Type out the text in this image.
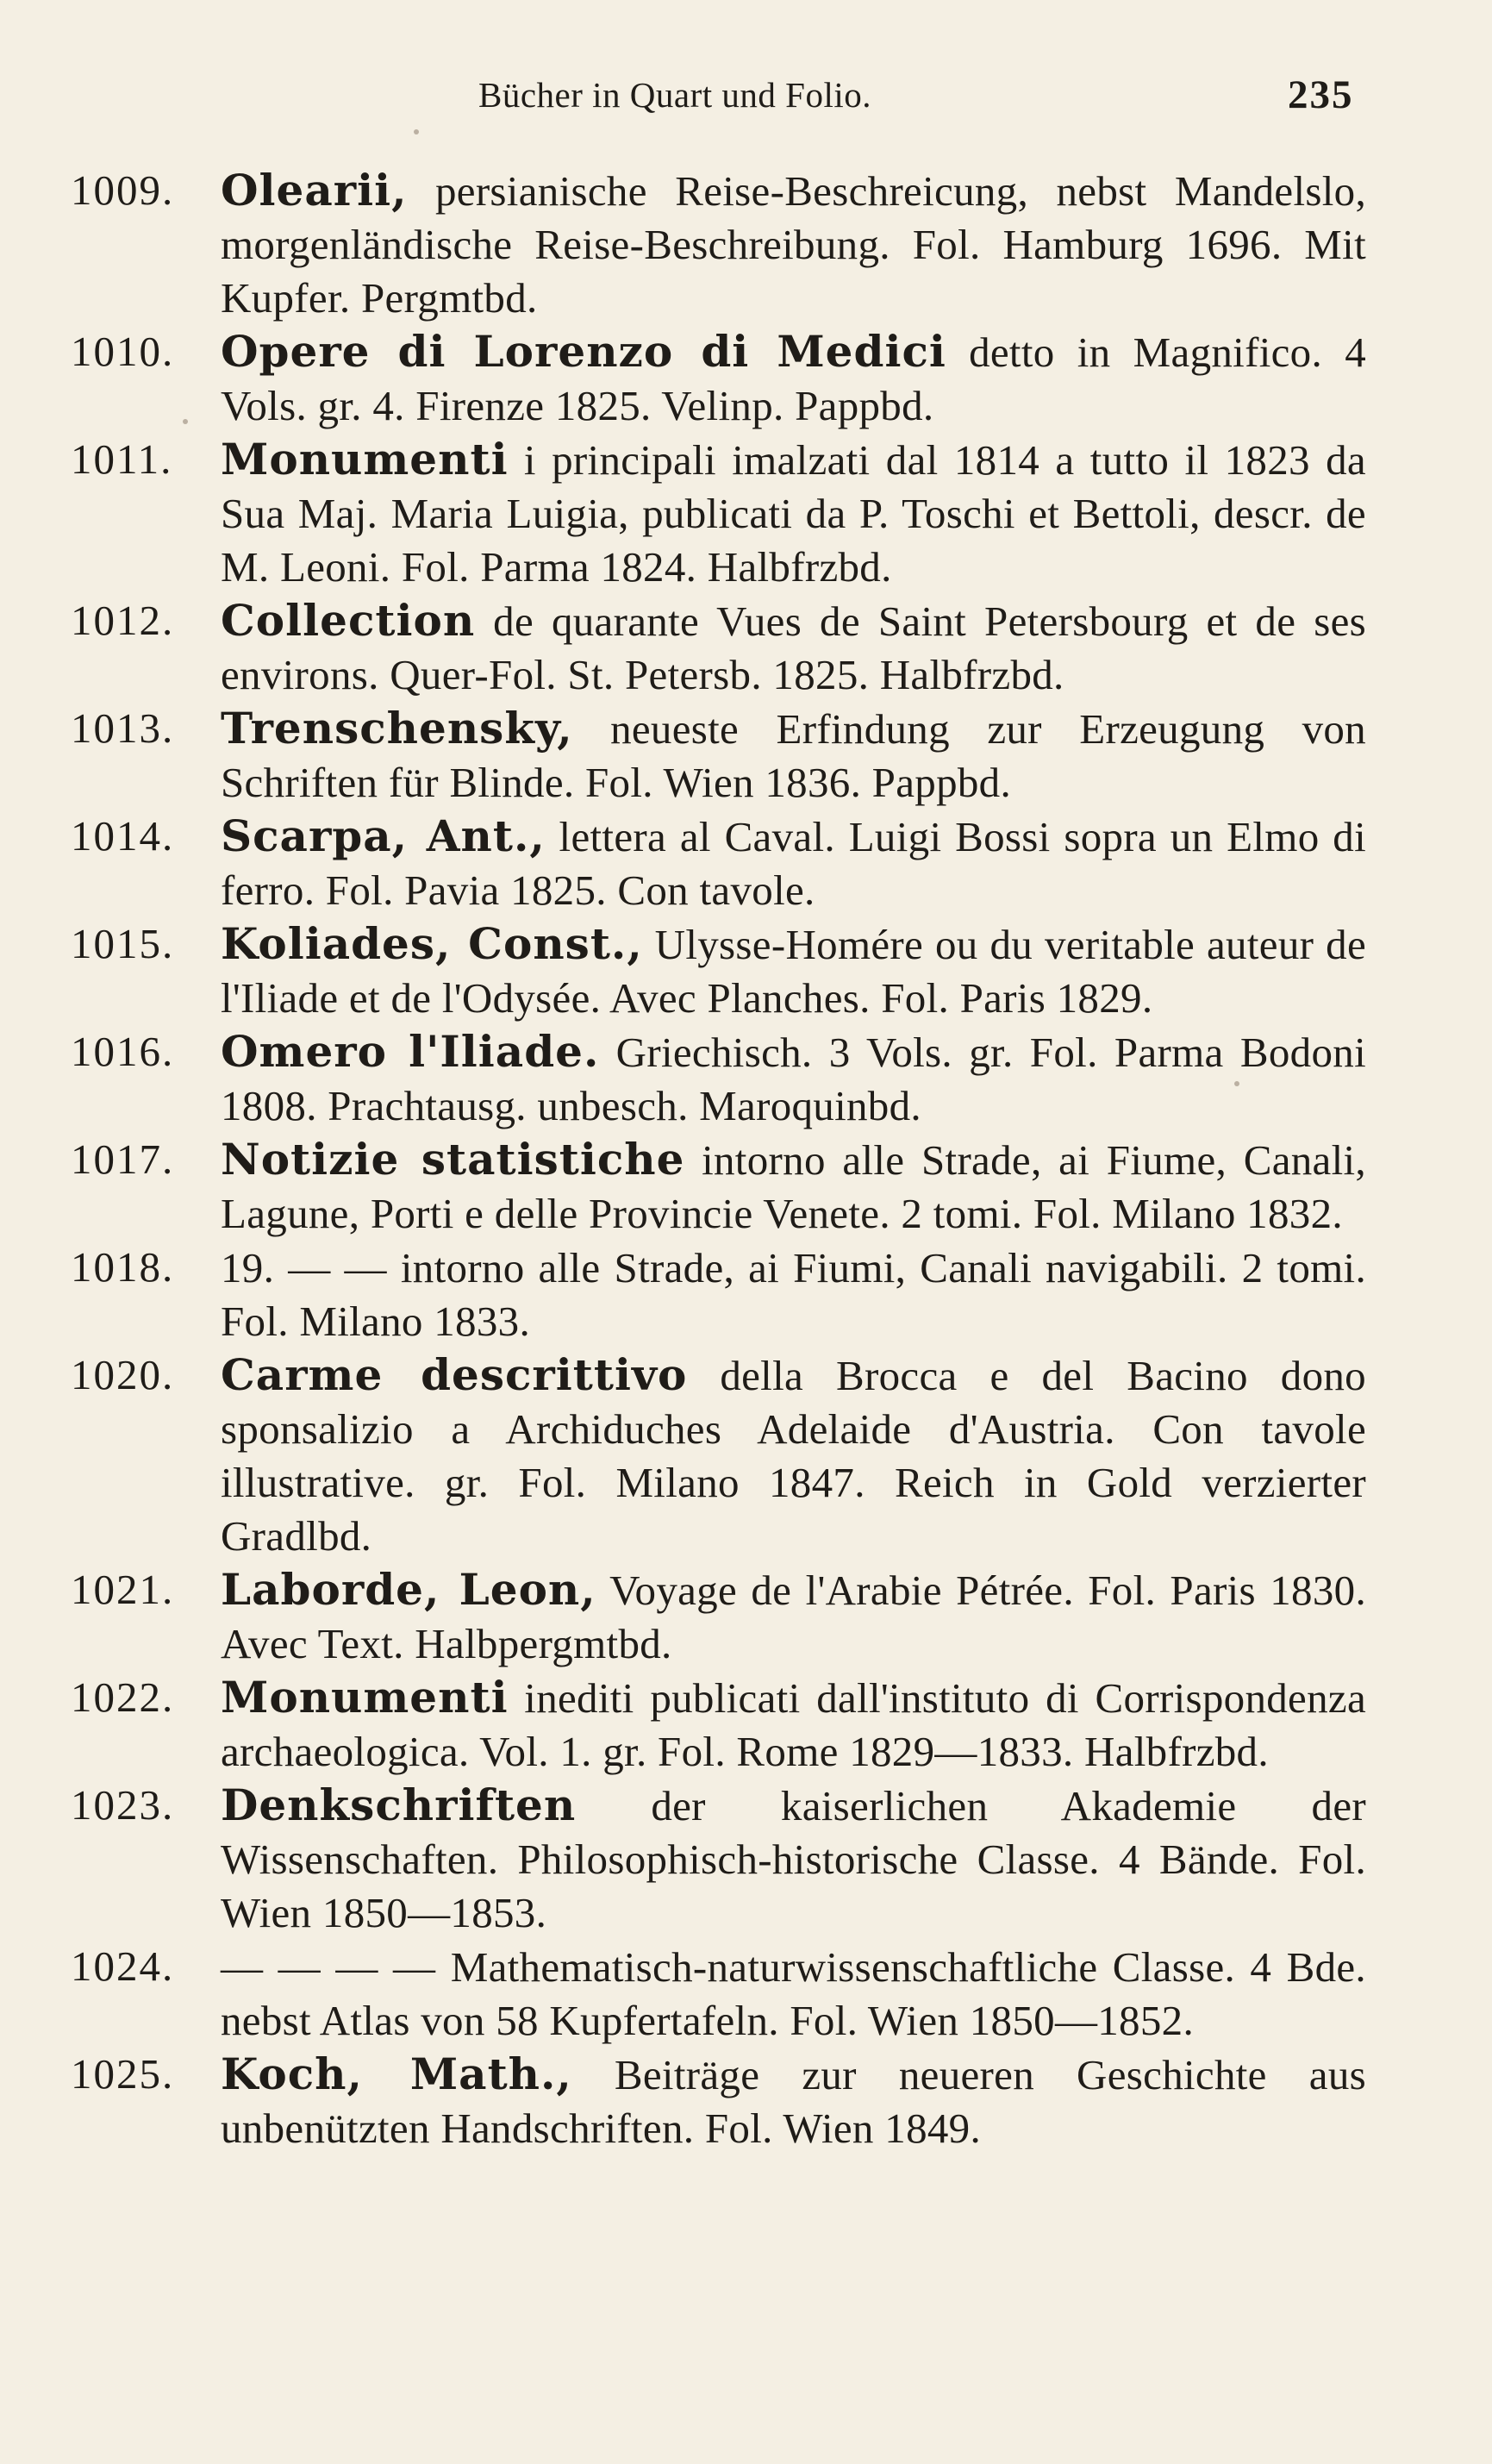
Bücher in Quart und Folio.	235
1009.	Olearii, persianische Reise-Beschreicung, nebst Mandelslo, morgenländische Reise-Beschreibung. Fol. Hamburg 1696. Mit Kupfer. Pergmtbd.
1010.	Opere di Lorenzo di Medici detto in Magnifico. 4 Vols. gr. 4. Firenze 1825. Velinp. Pappbd.
1011.	Monumenti i principali imalzati dal 1814 a tutto il 1823 da Sua Maj. Maria Luigia, publicati da P. Toschi et Bettoli, descr. de M. Leoni. Fol. Parma 1824. Halbfrzbd.
1012.	Collection de quarante Vues de Saint Petersbourg et de ses environs. Quer-Fol. St. Petersb. 1825. Halbfrzbd.
1013.	Trenschensky, neueste Erfindung zur Erzeugung von Schriften für Blinde. Fol. Wien 1836. Pappbd.
1014.	Scarpa, Ant., lettera al Caval. Luigi Bossi sopra un Elmo di ferro. Fol. Pavia 1825. Con tavole.
1015.	Koliades, Const., Ulysse-Homére ou du veritable auteur de l'Iliade et de l'Odysée. Avec Planches. Fol. Paris 1829.
1016.	Omero l'Iliade. Griechisch. 3 Vols. gr. Fol. Parma Bodoni 1808. Prachtausg. unbesch. Maroquinbd.
1017.	Notizie statistiche intorno alle Strade, ai Fiume, Canali, Lagune, Porti e delle Provincie Venete. 2 tomi. Fol. Milano 1832.
1018.	19. — — intorno alle Strade, ai Fiumi, Canali navigabili. 2 tomi. Fol. Milano 1833.
1020.	Carme descrittivo della Brocca e del Bacino dono sponsalizio a Archiduches Adelaide d'Austria. Con tavole illustrative. gr. Fol. Milano 1847. Reich in Gold verzierter Gradlbd.
1021.	Laborde, Leon, Voyage de l'Arabie Pétrée. Fol. Paris 1830. Avec Text. Halbpergmtbd.
1022.	Monumenti inediti publicati dall'instituto di Corrispondenza archaeologica. Vol. 1. gr. Fol. Rome 1829—1833. Halbfrzbd.
1023.	Denkschriften der kaiserlichen Akademie der Wissenschaften. Philosophisch-historische Classe. 4 Bände. Fol. Wien 1850—1853.
1024.	— — — — Mathematisch-naturwissenschaftliche Classe. 4 Bde. nebst Atlas von 58 Kupfertafeln. Fol. Wien 1850—1852.
1025.	Koch, Math., Beiträge zur neueren Geschichte aus unbenützten Handschriften. Fol. Wien 1849.
